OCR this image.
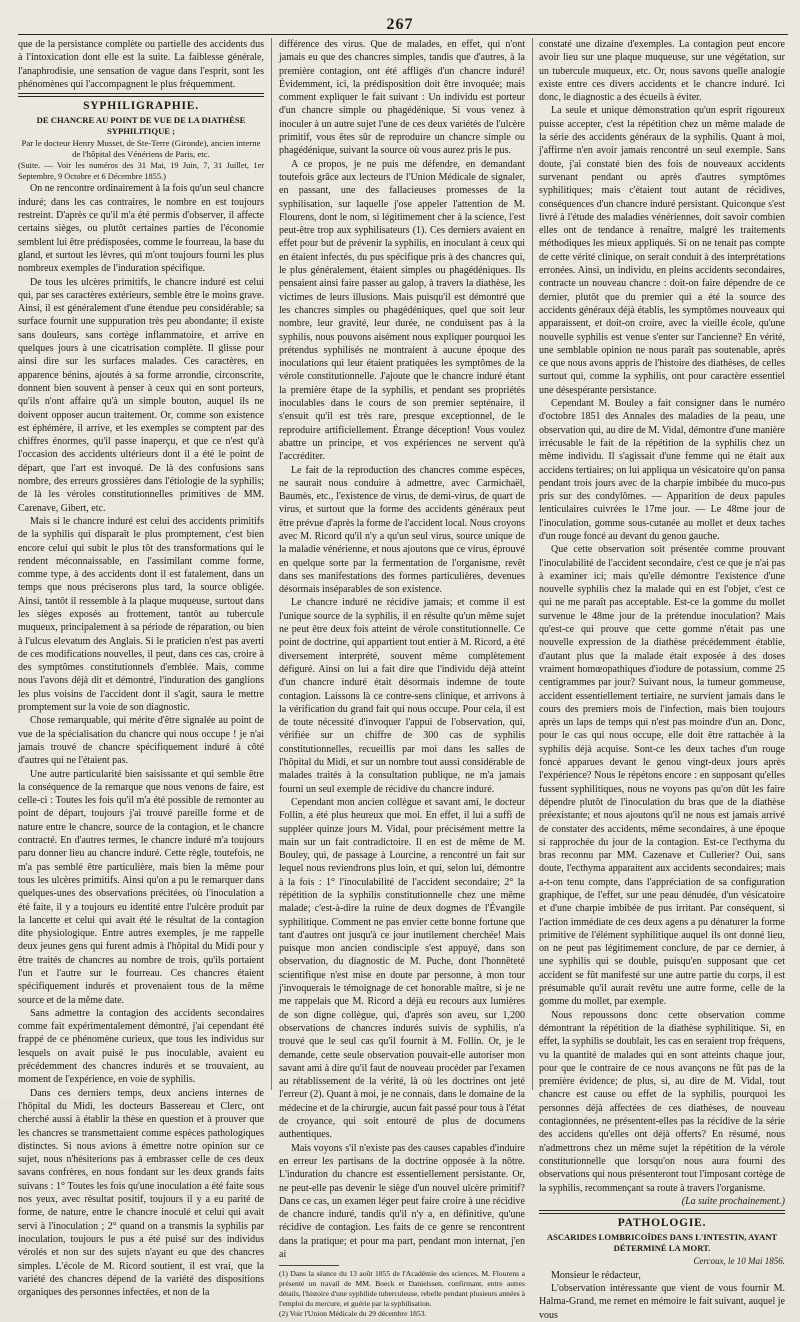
267

que de la persistance complète ou partielle des accidents dus à l'intoxication dont elle est la suite. La faiblesse générale, l'anaphrodisie, une sensation de vague dans l'esprit, sont les phénomènes qui l'accompagnent le plus fréquemment.

SYPHILIGRAPHIE.
DE CHANCRE AU POINT DE VUE DE LA DIATHÈSE SYPHILITIQUE ;
Par le docteur Henry Musset, de Ste-Terre (Gironde), ancien interne de l'hôpital des Vénériens de Paris, etc.

(Suite. — Voir les numéros des 31 Mai, 19 Juin, 7, 31 Juillet, 1er Septembre, 9 Octobre et 6 Décembre 1855.)

On ne rencontre ordinairement à la fois qu'un seul chancre induré; dans les cas contraires, le nombre en est toujours restreint. D'après ce qu'il m'a été permis d'observer, il affecte certains sièges, ou plutôt certaines parties de l'économie semblent lui être prédisposées, comme le fourreau, la base du gland, et surtout les lèvres, qui m'ont toujours fourni les plus nombreux exemples de l'induration spécifique.

De tous les ulcères primitifs, le chancre induré est celui qui, par ses caractères extérieurs, semble être le moins grave. Ainsi, il est généralement d'une étendue peu considérable; sa surface fournit une suppuration très peu abondante; il existe sans douleurs, sans cortège inflammatoire, et arrive en quelques jours à une cicatrisation complète. Il glisse pour ainsi dire sur les surfaces malades. Ces caractères, en apparence bénins, ajoutés à sa forme arrondie, circonscrite, donnent bien souvent à penser à ceux qui en sont porteurs, qu'ils n'ont affaire qu'à un simple bouton, auquel ils ne doivent opposer aucun traitement. Or, comme son existence est éphémère, il arrive, et les exemples se comptent par des chiffres énormes, qu'il passe inaperçu, et que ce n'est qu'à l'occasion des accidents ultérieurs dont il a été le point de départ, que l'art est invoqué. De là des confusions sans nombre, des erreurs grossières dans l'étiologie de la syphilis; de là les véroles constitutionnelles primitives de MM. Carenave, Gibert, etc.

Mais si le chancre induré est celui des accidents primitifs de la syphilis qui disparaît le plus promptement, c'est bien encore celui qui subit le plus tôt des transformations qui le rendent méconnaissable, en l'assimilant comme forme, comme type, à des accidents dont il est fatalement, dans un temps que nous préciserons plus tard, la source obligée. Ainsi, tantôt il ressemble à la plaque muqueuse, surtout dans les sièges exposés au frottement, tantôt au tubercule muqueux, principalement à sa période de réparation, ou bien à l'ulcus elevatum des Anglais. Si le praticien n'est pas averti de ces modifications nouvelles, il peut, dans ces cas, croire à des symptômes constitutionnels d'emblée. Mais, comme nous l'avons déjà dit et démontré, l'induration des ganglions les plus voisins de l'accident dont il s'agit, saura le mettre promptement sur la voie de son diagnostic.

Chose remarquable, qui mérite d'être signalée au point de vue de la spécialisation du chancre qui nous occupe ! je n'ai jamais trouvé de chancre spécifiquement induré à côté d'autres qui ne l'étaient pas.

Une autre particularité bien saisissante et qui semble être la conséquence de la remarque que nous venons de faire, est celle-ci : Toutes les fois qu'il m'a été possible de remonter au point de départ, toujours j'ai trouvé pareille forme et de nature entre le chancre, source de la contagion, et le chancre contracté. En d'autres termes, le chancre induré m'a toujours paru donner lieu au chancre induré. Cette règle, toutefois, ne m'a pas semblé être particulière, mais bien la même pour tous les ulcères primitifs. Ainsi qu'on a pu le remarquer dans quelques-unes des observations précitées, où l'inoculation a été faite, il y a toujours eu identité entre l'ulcère produit par la lancette et celui qui avait été le résultat de la contagion dite physiologique. Entre autres exemples, je me rappelle deux jeunes gens qui furent admis à l'hôpital du Midi pour y être traités de chancres au nombre de trois, qu'ils portaient l'un et l'autre sur le fourreau. Ces chancres étaient spécifiquement indurés et provenaient tous de la même source et de la même date.

Sans admettre la contagion des accidents secondaires comme fait expérimentalement démontré, j'ai cependant été frappé de ce phénomène curieux, que tous les individus sur lesquels on avait puisé le pus inoculable, avaient eu précédemment des chancres indurés et se trouvaient, au moment de l'expérience, en voie de syphilis.

Dans ces derniers temps, deux anciens internes de l'hôpital du Midi, les docteurs Bassereau et Clerc, ont cherché aussi à établir la thèse en question et à prouver que les chancres se transmettaient comme espèces pathologiques distinctes. Si nous avions à émettre notre opinion sur ce sujet, nous n'hésiterions pas à embrasser celle de ces deux savans confrères, en nous fondant sur les deux grands faits suivans : 1° Toutes les fois qu'une inoculation a été faite sous nos yeux, avec résultat positif, toujours il y a eu parité de forme, de nature, entre le chancre inoculé et celui qui avait servi à l'inoculation ; 2° quand on a transmis la syphilis par inoculation, toujours le pus a été puisé sur des individus vérolés et non sur des sujets n'ayant eu que des chancres simples. L'école de M. Ricord soutient, il est vrai, que la variété des chancres dépend de la variété des dispositions organiques des personnes infectées, et non de la

différence des virus. Que de malades, en effet, qui n'ont jamais eu que des chancres simples, tandis que d'autres, à la première contagion, ont été affligés d'un chancre induré! Évidemment, ici, la prédisposition doit être invoquée; mais comment expliquer le fait suivant : Un individu est porteur d'un chancre simple ou phagédénique. Si vous venez à inoculer à un autre sujet l'une de ces deux variétés de l'ulcère primitif, vous êtes sûr de reproduire un chancre simple ou phagédénique, suivant la source où vous aurez pris le pus.

A ce propos, je ne puis me défendre, en demandant toutefois grâce aux lecteurs de l'Union Médicale de signaler, en passant, une des fallacieuses promesses de la syphilisation, sur laquelle j'ose appeler l'attention de M. Flourens, dont le nom, si légitimement cher à la science, l'est peut-être trop aux syphilisateurs (1). Ces derniers avaient en effet pour but de prévenir la syphilis, en inoculant à ceux qui en étaient infectés, du pus spécifique pris à des chancres qui, le plus généralement, étaient simples ou phagédéniques. Ils pensaient ainsi faire passer au galop, à travers la diathèse, les victimes de leurs illusions. Mais puisqu'il est démontré que les chancres simples ou phagédéniques, quel que soit leur nombre, leur gravité, leur durée, ne conduisent pas à la syphilis, nous pouvons aisément nous expliquer pourquoi les prétendus syphilisés ne montraient à aucune époque des inoculations qui leur étaient pratiquées les symptômes de la vérole constitutionnelle. J'ajoute que le chancre induré étant la première étape de la syphilis, et pendant ses propriétés inoculables dans le cours de son premier septénaire, il s'ensuit qu'il est très rare, presque exceptionnel, de le reproduire artificiellement. Étrange déception! Vous voulez abattre un principe, et vos expériences ne servent qu'à l'accréditer.

Le fait de la reproduction des chancres comme espèces, ne saurait nous conduire à admettre, avec Carmichaël, Baumès, etc., l'existence de virus, de demi-virus, de quart de virus, et surtout que la forme des accidents généraux peut être prévue d'après la forme de l'accident local. Nous croyons avec M. Ricord qu'il n'y a qu'un seul virus, source unique de la maladie vénérienne, et nous ajoutons que ce virus, éprouvé en quelque sorte par la fermentation de l'organisme, revêt dans ses manifestations des formes particulières, devenues désormais inséparables de son existence.

Le chancre induré ne récidive jamais; et comme il est l'unique source de la syphilis, il en résulte qu'un même sujet ne peut être deux fois atteint de vérole constitutionnelle. Ce point de doctrine, qui appartient tout entier à M. Ricord, a été diversement interprété, souvent même complètement défiguré. Ainsi on lui a fait dire que l'individu déjà atteint d'un chancre induré était désormais indemne de toute contagion. Laissons là ce contre-sens clinique, et arrivons à la vérification du grand fait qui nous occupe. Pour cela, il est de toute nécessité d'invoquer l'appui de l'observation, qui, vérifiée sur un chiffre de 300 cas de syphilis constitutionnelles, recueillis par moi dans les salles de l'hôpital du Midi, et sur un nombre tout aussi considérable de malades traités à la consultation publique, ne m'a jamais fourni un seul exemple de récidive du chancre induré.

Cependant mon ancien collègue et savant ami, le docteur Follin, a été plus heureux que moi. En effet, il lui a suffi de suppléer quinze jours M. Vidal, pour précisément mettre la main sur un fait contradictoire. Il en est de même de M. Bouley, qui, de passage à Lourcine, a rencontré un fait sur lequel nous reviendrons plus loin, et qui, selon lui, démontre à la fois : 1° l'inoculabilité de l'accident secondaire; 2° la répétition de la syphilis constitutionnelle chez une même malade; c'est-à-dire la ruine de deux dogmes de l'Évangile syphilitique. Comment ne pas envier cette bonne fortune que tant d'autres ont jusqu'à ce jour inutilement cherchée! Mais puisque mon ancien condisciple s'est appuyé, dans son observation, du diagnostic de M. Puche, dont l'honnêteté scientifique n'est mise en doute par personne, à mon tour j'invoquerais le témoignage de cet honorable maître, si je ne me rappelais que M. Ricord a déjà eu recours aux lumières de son digne collègue, qui, d'après son aveu, sur 1,200 observations de chancres indurés suivis de syphilis, n'a trouvé que le seul cas qu'il fournit à M. Follin. Or, je le demande, cette seule observation pouvait-elle autoriser mon savant ami à dire qu'il faut de nouveau procéder par l'examen au rétablissement de la vérité, là où les doctrines ont jeté l'erreur (2). Quant à moi, je ne connais, dans le domaine de la médecine et de la chirurgie, aucun fait passé pour tous à l'état de croyance, qui soit entouré de plus de documens authentiques.

Mais voyons s'il n'existe pas des causes capables d'induire en erreur les partisans de la doctrine opposée à la nôtre. L'induration du chancre est essentiellement persistante. Or, ne peut-elle pas devenir le siège d'un nouvel ulcère primitif? Dans ce cas, un examen léger peut faire croire à une récidive de chancre induré, tandis qu'il n'y a, en définitive, qu'une récidive de contagion. Les faits de ce genre se rencontrent dans la pratique; et pour ma part, pendant mon internat, j'en ai

(1) Dans la séance du 13 août 1855 de l'Académie des sciences, M. Flourens a présenté un travail de MM. Boeck et Danielssen, confirmant, entre autres détails, l'histoire d'une syphilide tuberculeuse, rebelle pendant plusieurs années à l'emploi du mercure, et guérie par la syphilisation.

(2) Voir l'Union Médicale du 29 décembre 1853.

constaté une dizaine d'exemples. La contagion peut encore avoir lieu sur une plaque muqueuse, sur une végétation, sur un tubercule muqueux, etc. Or, nous savons quelle analogie existe entre ces divers accidents et le chancre induré. Ici donc, le diagnostic a des écueils à éviter.

La seule et unique démonstration qu'un esprit rigoureux puisse accepter, c'est la répétition chez un même malade de la série des accidents généraux de la syphilis. Quant à moi, j'affirme n'en avoir jamais rencontré un seul exemple. Sans doute, j'ai constaté bien des fois de nouveaux accidents survenant pendant ou après d'autres symptômes syphilitiques; mais c'étaient tout autant de récidives, conséquences d'un chancre induré persistant. Quiconque s'est livré à l'étude des maladies vénériennes, doit savoir combien elles ont de tendance à renaître, malgré les traitements méthodiques les mieux appliqués. Si on ne tenait pas compte de cette vérité clinique, on serait conduit à des interprétations erronées. Ainsi, un individu, en pleins accidents secondaires, contracte un nouveau chancre : doit-on faire dépendre de ce dernier, plutôt que du premier qui a été la source des accidents généraux déjà établis, les symptômes nouveaux qui apparaissent, et doit-on croire, avec la vieille école, qu'une nouvelle syphilis est venue s'enter sur l'ancienne? En vérité, une semblable opinion ne nous paraît pas soutenable, après ce que nous avons appris de l'histoire des diathèses, de celles surtout qui, comme la syphilis, ont pour caractère essentiel une désespérante persistance.

Cependant M. Bouley a fait consigner dans le numéro d'octobre 1851 des Annales des maladies de la peau, une observation qui, au dire de M. Vidal, démontre d'une manière irrécusable le fait de la répétition de la syphilis chez un même individu. Il s'agissait d'une femme qui ne était aux accidens tertiaires; on lui appliqua un vésicatoire qu'on pansa pendant trois jours avec de la charpie imbibée du muco-pus pris sur des condylômes. — Apparition de deux papules lenticulaires cuivrées le 17me jour. — Le 48me jour de l'inoculation, gomme sous-cutanée au mollet et deux taches d'un rouge foncé au devant du genou gauche.

Que cette observation soit présentée comme prouvant l'inoculabilité de l'accident secondaire, c'est ce que je n'ai pas à examiner ici; mais qu'elle démontre l'existence d'une nouvelle syphilis chez la malade qui en est l'objet, c'est ce qui ne me paraît pas acceptable. Est-ce la gomme du mollet survenue le 48me jour de la prétendue inoculation? Mais qu'est-ce qui prouve que cette gomme n'était pas une nouvelle expression de la diathèse précédemment établie, d'autant plus que la malade était exposée à des doses vraiment homœopathiques d'iodure de potassium, comme 25 centigrammes par jour? Suivant nous, la tumeur gommeuse, accident essentiellement tertiaire, ne survient jamais dans le cours des premiers mois de l'infection, mais bien toujours après un laps de temps qui n'est pas moindre d'un an. Donc, pour le cas qui nous occupe, elle doit être rattachée à la syphilis déjà acquise. Sont-ce les deux taches d'un rouge foncé apparues devant le genou vingt-deux jours après l'expérience? Nous le répétons encore : en supposant qu'elles fussent syphilitiques, nous ne voyons pas qu'on dût les faire dépendre plutôt de l'inoculation du bras que de la diathèse préexistante; et nous ajoutons qu'il ne nous est jamais arrivé de constater des accidents, même secondaires, à une époque si rapprochée du jour de la contagion. Est-ce l'ecthyma du bras reconnu par MM. Cazenave et Cullerier? Oui, sans doute, l'ecthyma apparaitent aux accidents secondaires; mais a-t-on tenu compte, dans l'appréciation de sa configuration graphique, de l'effet, sur une peau dénudée, d'un vésicatoire et d'une charpie imbibée de pus irritant. Par conséquent, si l'action immédiate de ces deux agens a pu dénaturer la forme primitive de l'élément syphilitique auquel ils ont donné lieu, on ne peut pas légitimement conclure, de par ce dernier, à une syphilis qui se double, puisqu'en supposant que cet accident se fût manifesté sur une autre partie du corps, il est présumable qu'il aurait revêtu une autre forme, celle de la gomme du mollet, par exemple.

Nous repoussons donc cette observation comme démontrant la répétition de la diathèse syphilitique. Si, en effet, la syphilis se doublait, les cas en seraient trop fréquens, vu la quantité de malades qui en sont atteints chaque jour, pour que le contraire de ce nous avançons ne fût pas de la première évidence; de plus, si, au dire de M. Vidal, tout chancre est cause ou effet de la syphilis, pourquoi les personnes déjà affectées de ces diathèses, de nouveau contagionnées, ne présentent-elles pas la récidive de la série des accidens qu'elles ont déjà offerts? En résumé, nous n'admettrons chez un même sujet la répétition de la vérole constitutionnelle que lorsqu'on nous aura fourni des observations qui nous présenteront tout l'imposant cortège de la syphilis, recommençant sa route à travers l'organisme.

(La suite prochainement.)

PATHOLOGIE.
ASCARIDES LOMBRICOÏDES DANS L'INTESTIN, AYANT DÉTERMINÉ LA MORT.

Cercoux, le 10 Mai 1856.

Monsieur le rédacteur,

L'observation intéressante que vient de vous fournir M. Halma-Grand, me remet en mémoire le fait suivant, auquel je vous
